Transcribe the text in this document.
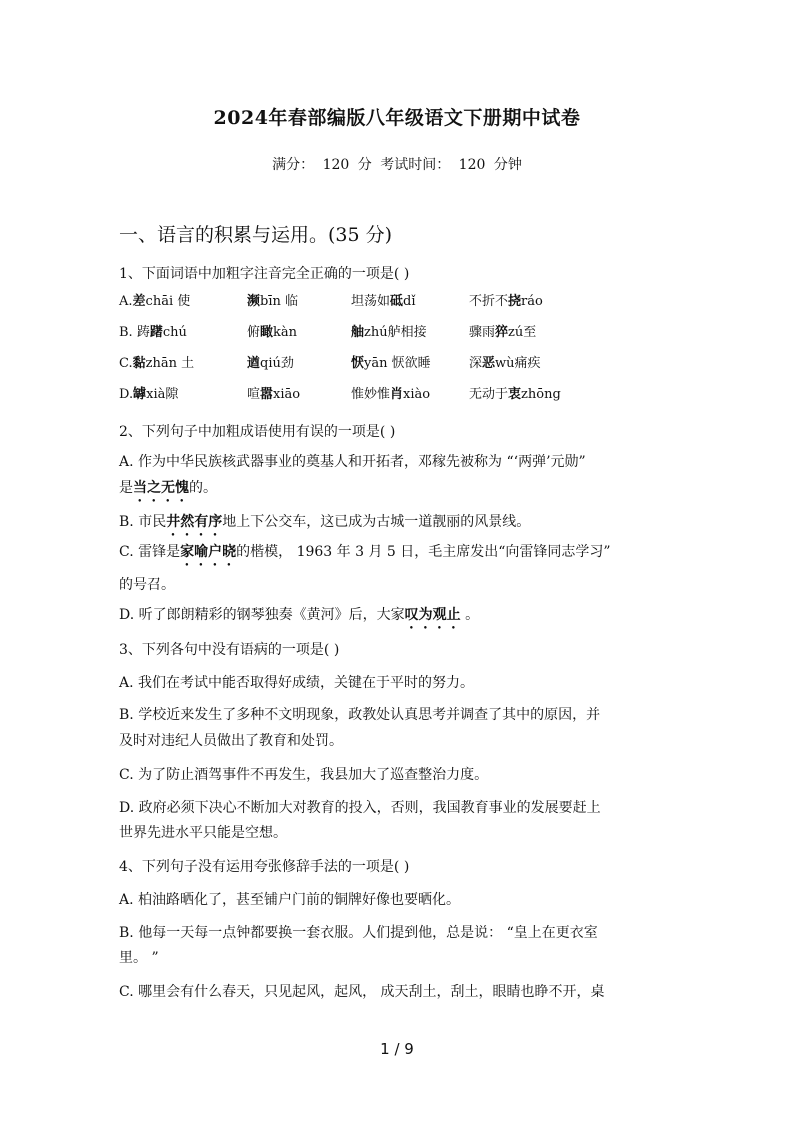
2024年春部编版八年级语文下册期中试卷
满分： 120 分 考试时间： 120 分钟
一、语言的积累与运用。(35 分)
1、下面词语中加粗字注音完全正确的一项是( )
A.差chāi 使	濒bīn 临	坦荡如砥dǐ	不折不挠ráo
B. 踌躇chú	俯瞰kàn	舳zhú舻相接	骤雨猝zú至
C.黏zhān 土	遒qiú劲	恹yān 恹欲睡	深恶wù痛疾
D.罅xià隙	喧嚣xiāo	惟妙惟肖xiào	无动于衷zhōng
2、下列句子中加粗成语使用有误的一项是( )
A. 作为中华民族核武器事业的奠基人和开拓者，邓稼先被称为 “‘两弹’元勋”
是当之无愧的。
B. 市民井然有序地上下公交车，这已成为古城一道靓丽的风景线。
C. 雷锋是家喻户晓的楷模， 1963 年 3 月 5 日，毛主席发出“向雷锋同志学习”
的号召。
D. 听了郎朗精彩的钢琴独奏《黄河》后，大家叹为观止 。
3、下列各句中没有语病的一项是( )
A. 我们在考试中能否取得好成绩，关键在于平时的努力。
B. 学校近来发生了多种不文明现象，政教处认真思考并调查了其中的原因，并
及时对违纪人员做出了教育和处罚。
C. 为了防止酒驾事件不再发生，我县加大了巡查整治力度。
D. 政府必须下决心不断加大对教育的投入，否则，我国教育事业的发展要赶上
世界先进水平只能是空想。
4、下列句子没有运用夸张修辞手法的一项是( )
A. 柏油路晒化了，甚至铺户门前的铜牌好像也要晒化。
B. 他每一天每一点钟都要换一套衣服。人们提到他，总是说： “皇上在更衣室
里。 ”
C. 哪里会有什么春天，只见起风，起风， 成天刮土，刮土，眼睛也睁不开，桌
1 / 9
